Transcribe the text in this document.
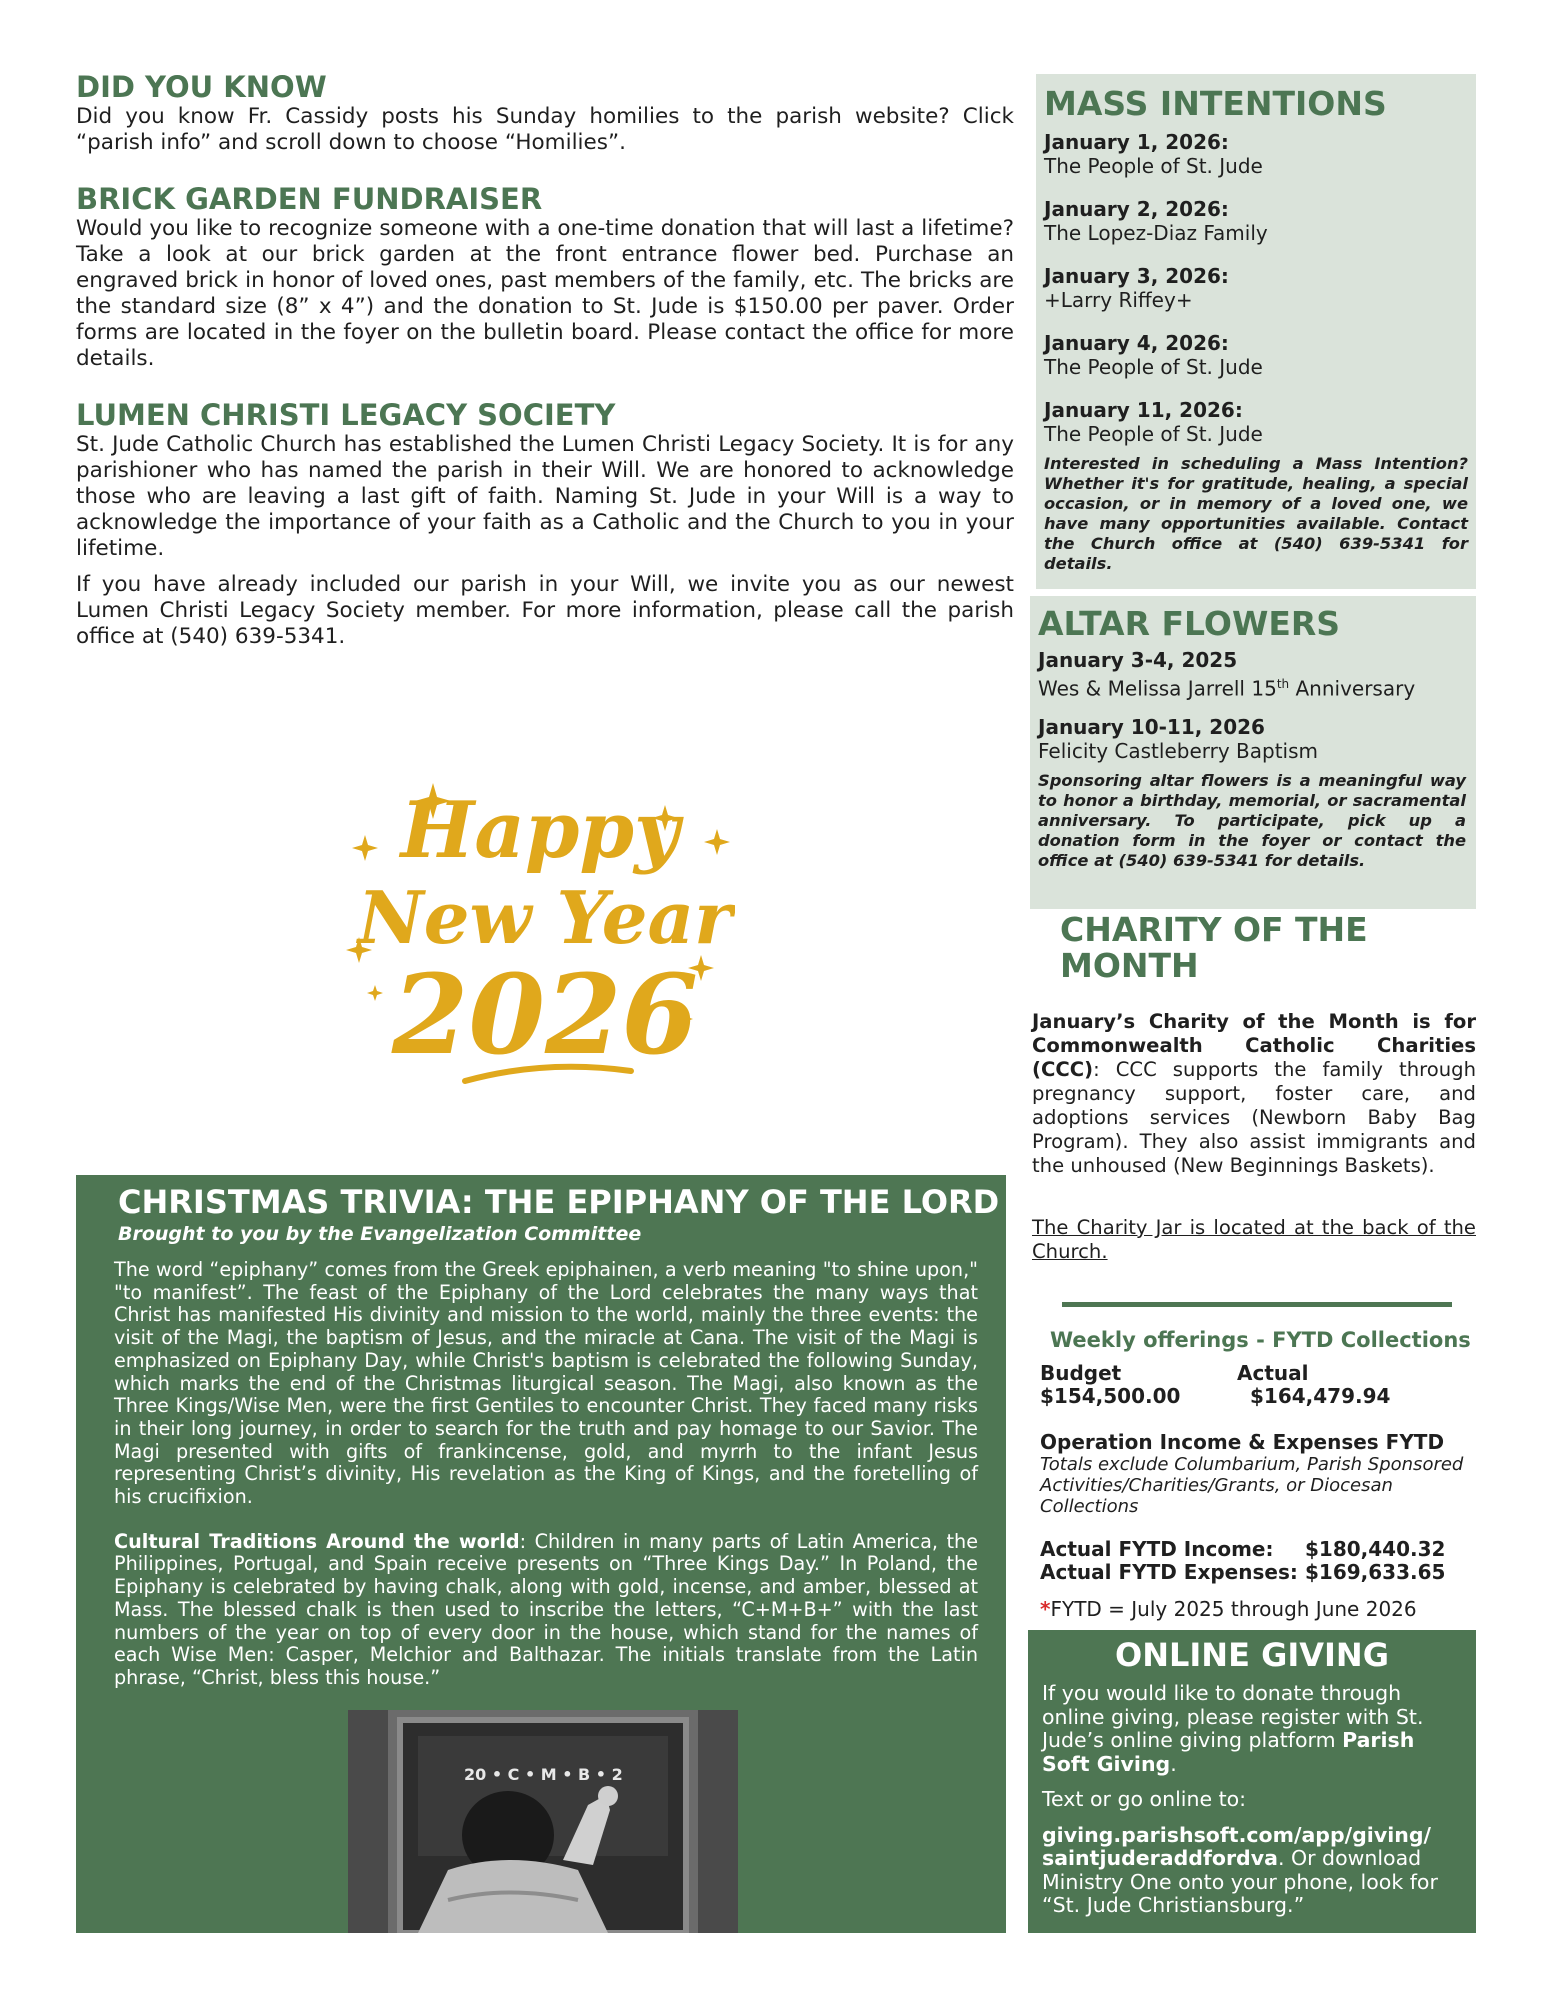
DID YOU KNOW

Did you know Fr. Cassidy posts his Sunday homilies to the parish website? Click “parish info” and scroll down to choose “Homilies”.

BRICK GARDEN FUNDRAISER

Would you like to recognize someone with a one-time donation that will last a lifetime? Take a look at our brick garden at the front entrance flower bed. Purchase an engraved brick in honor of loved ones, past members of the family, etc. The bricks are the standard size (8” x 4”) and the donation to St. Jude is $150.00 per paver. Order forms are located in the foyer on the bulletin board. Please contact the office for more details.

LUMEN CHRISTI LEGACY SOCIETY

St. Jude Catholic Church has established the Lumen Christi Legacy Society. It is for any parishioner who has named the parish in their Will. We are honored to acknowledge those who are leaving a last gift of faith. Naming St. Jude in your Will is a way to acknowledge the importance of your faith as a Catholic and the Church to you in your lifetime.

If you have already included our parish in your Will, we invite you as our newest Lumen Christi Legacy Society member. For more information, please call the parish office at (540) 639-5341.

Happy
New Year
2026
CHRISTMAS TRIVIA: THE EPIPHANY OF THE LORD
Brought to you by the Evangelization Committee

The word “epiphany” comes from the Greek epiphainen, a verb meaning "to shine upon," "to manifest”. The feast of the Epiphany of the Lord celebrates the many ways that Christ has manifested His divinity and mission to the world, mainly the three events: the visit of the Magi, the baptism of Jesus, and the miracle at Cana. The visit of the Magi is emphasized on Epiphany Day, while Christ's baptism is celebrated the following Sunday, which marks the end of the Christmas liturgical season. The Magi, also known as the Three Kings/Wise Men, were the first Gentiles to encounter Christ. They faced many risks in their long journey, in order to search for the truth and pay homage to our Savior. The Magi presented with gifts of frankincense, gold, and myrrh to the infant Jesus representing Christ’s divinity, His revelation as the King of Kings, and the foretelling of his crucifixion.

Cultural Traditions Around the world: Children in many parts of Latin America, the Philippines, Portugal, and Spain receive presents on “Three Kings Day.” In Poland, the Epiphany is celebrated by having chalk, along with gold, incense, and amber, blessed at Mass. The blessed chalk is then used to inscribe the letters, “C+M+B+” with the last numbers of the year on top of every door in the house, which stand for the names of each Wise Men: Casper, Melchior and Balthazar. The initials translate from the Latin phrase, “Christ, bless this house.”

20 • C • M • B • 2
MASS INTENTIONS
January 1, 2026:
The People of St. Jude
January 2, 2026:
The Lopez-Diaz Family
January 3, 2026:
+Larry Riffey+
January 4, 2026:
The People of St. Jude
January 11, 2026:
The People of St. Jude

Interested in scheduling a Mass Intention? Whether it's for gratitude, healing, a special occasion, or in memory of a loved one, we have many opportunities available. Contact the Church office at (540) 639-5341 for details.

ALTAR FLOWERS
January 3-4, 2025
Wes & Melissa Jarrell 15th Anniversary
January 10-11, 2026
Felicity Castleberry Baptism

Sponsoring altar flowers is a meaningful way to honor a birthday, memorial, or sacramental anniversary. To participate, pick up a donation form in the foyer or contact the office at (540) 639-5341 for details.

CHARITY OF THE MONTH

January’s Charity of the Month is for Commonwealth Catholic Charities (CCC): CCC supports the family through pregnancy support, foster care, and adoptions services (Newborn Baby Bag Program). They also assist immigrants and the unhoused (New Beginnings Baskets).

The Charity Jar is located at the back of the Church.

Weekly offerings - FYTD Collections
Budget	Actual
$154,500.00	$164,479.94
Operation Income & Expenses FYTD
Totals exclude Columbarium, Parish Sponsored Activities/Charities/Grants, or Diocesan Collections
Actual FYTD Income:	$180,440.32
Actual FYTD Expenses: $169,633.65
*FYTD = July 2025 through June 2026
ONLINE GIVING

If you would like to donate through online giving, please register with St. Jude’s online giving platform Parish Soft Giving.

Text or go online to:

giving.parishsoft.com/app/giving/ saintjuderaddfordva. Or download Ministry One onto your phone, look for “St. Jude Christiansburg.”
